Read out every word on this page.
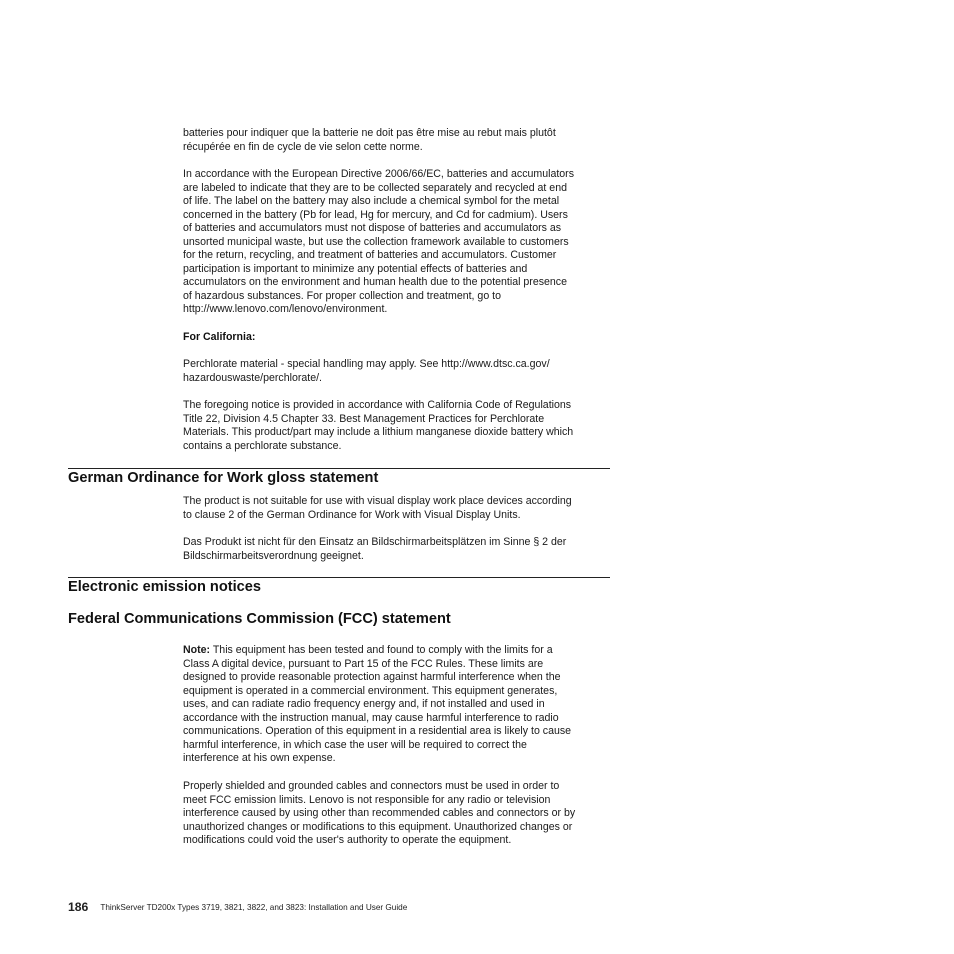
batteries pour indiquer que la batterie ne doit pas être mise au rebut mais plutôt
récupérée en fin de cycle de vie selon cette norme.

In accordance with the European Directive 2006/66/EC, batteries and accumulators
are labeled to indicate that they are to be collected separately and recycled at end
of life. The label on the battery may also include a chemical symbol for the metal
concerned in the battery (Pb for lead, Hg for mercury, and Cd for cadmium). Users
of batteries and accumulators must not dispose of batteries and accumulators as
unsorted municipal waste, but use the collection framework available to customers
for the return, recycling, and treatment of batteries and accumulators. Customer
participation is important to minimize any potential effects of batteries and
accumulators on the environment and human health due to the potential presence
of hazardous substances. For proper collection and treatment, go to
http://www.lenovo.com/lenovo/environment.

For California:

Perchlorate material - special handling may apply. See http://www.dtsc.ca.gov/
hazardouswaste/perchlorate/.

The foregoing notice is provided in accordance with California Code of Regulations
Title 22, Division 4.5 Chapter 33. Best Management Practices for Perchlorate
Materials. This product/part may include a lithium manganese dioxide battery which
contains a perchlorate substance.

German Ordinance for Work gloss statement

The product is not suitable for use with visual display work place devices according
to clause 2 of the German Ordinance for Work with Visual Display Units.

Das Produkt ist nicht für den Einsatz an Bildschirmarbeitsplätzen im Sinne § 2 der
Bildschirmarbeitsverordnung geeignet.

Electronic emission notices
Federal Communications Commission (FCC) statement

Note: This equipment has been tested and found to comply with the limits for a
Class A digital device, pursuant to Part 15 of the FCC Rules. These limits are
designed to provide reasonable protection against harmful interference when the
equipment is operated in a commercial environment. This equipment generates,
uses, and can radiate radio frequency energy and, if not installed and used in
accordance with the instruction manual, may cause harmful interference to radio
communications. Operation of this equipment in a residential area is likely to cause
harmful interference, in which case the user will be required to correct the
interference at his own expense.

Properly shielded and grounded cables and connectors must be used in order to
meet FCC emission limits. Lenovo is not responsible for any radio or television
interference caused by using other than recommended cables and connectors or by
unauthorized changes or modifications to this equipment. Unauthorized changes or
modifications could void the user's authority to operate the equipment.

186 ThinkServer TD200x Types 3719, 3821, 3822, and 3823: Installation and User Guide
